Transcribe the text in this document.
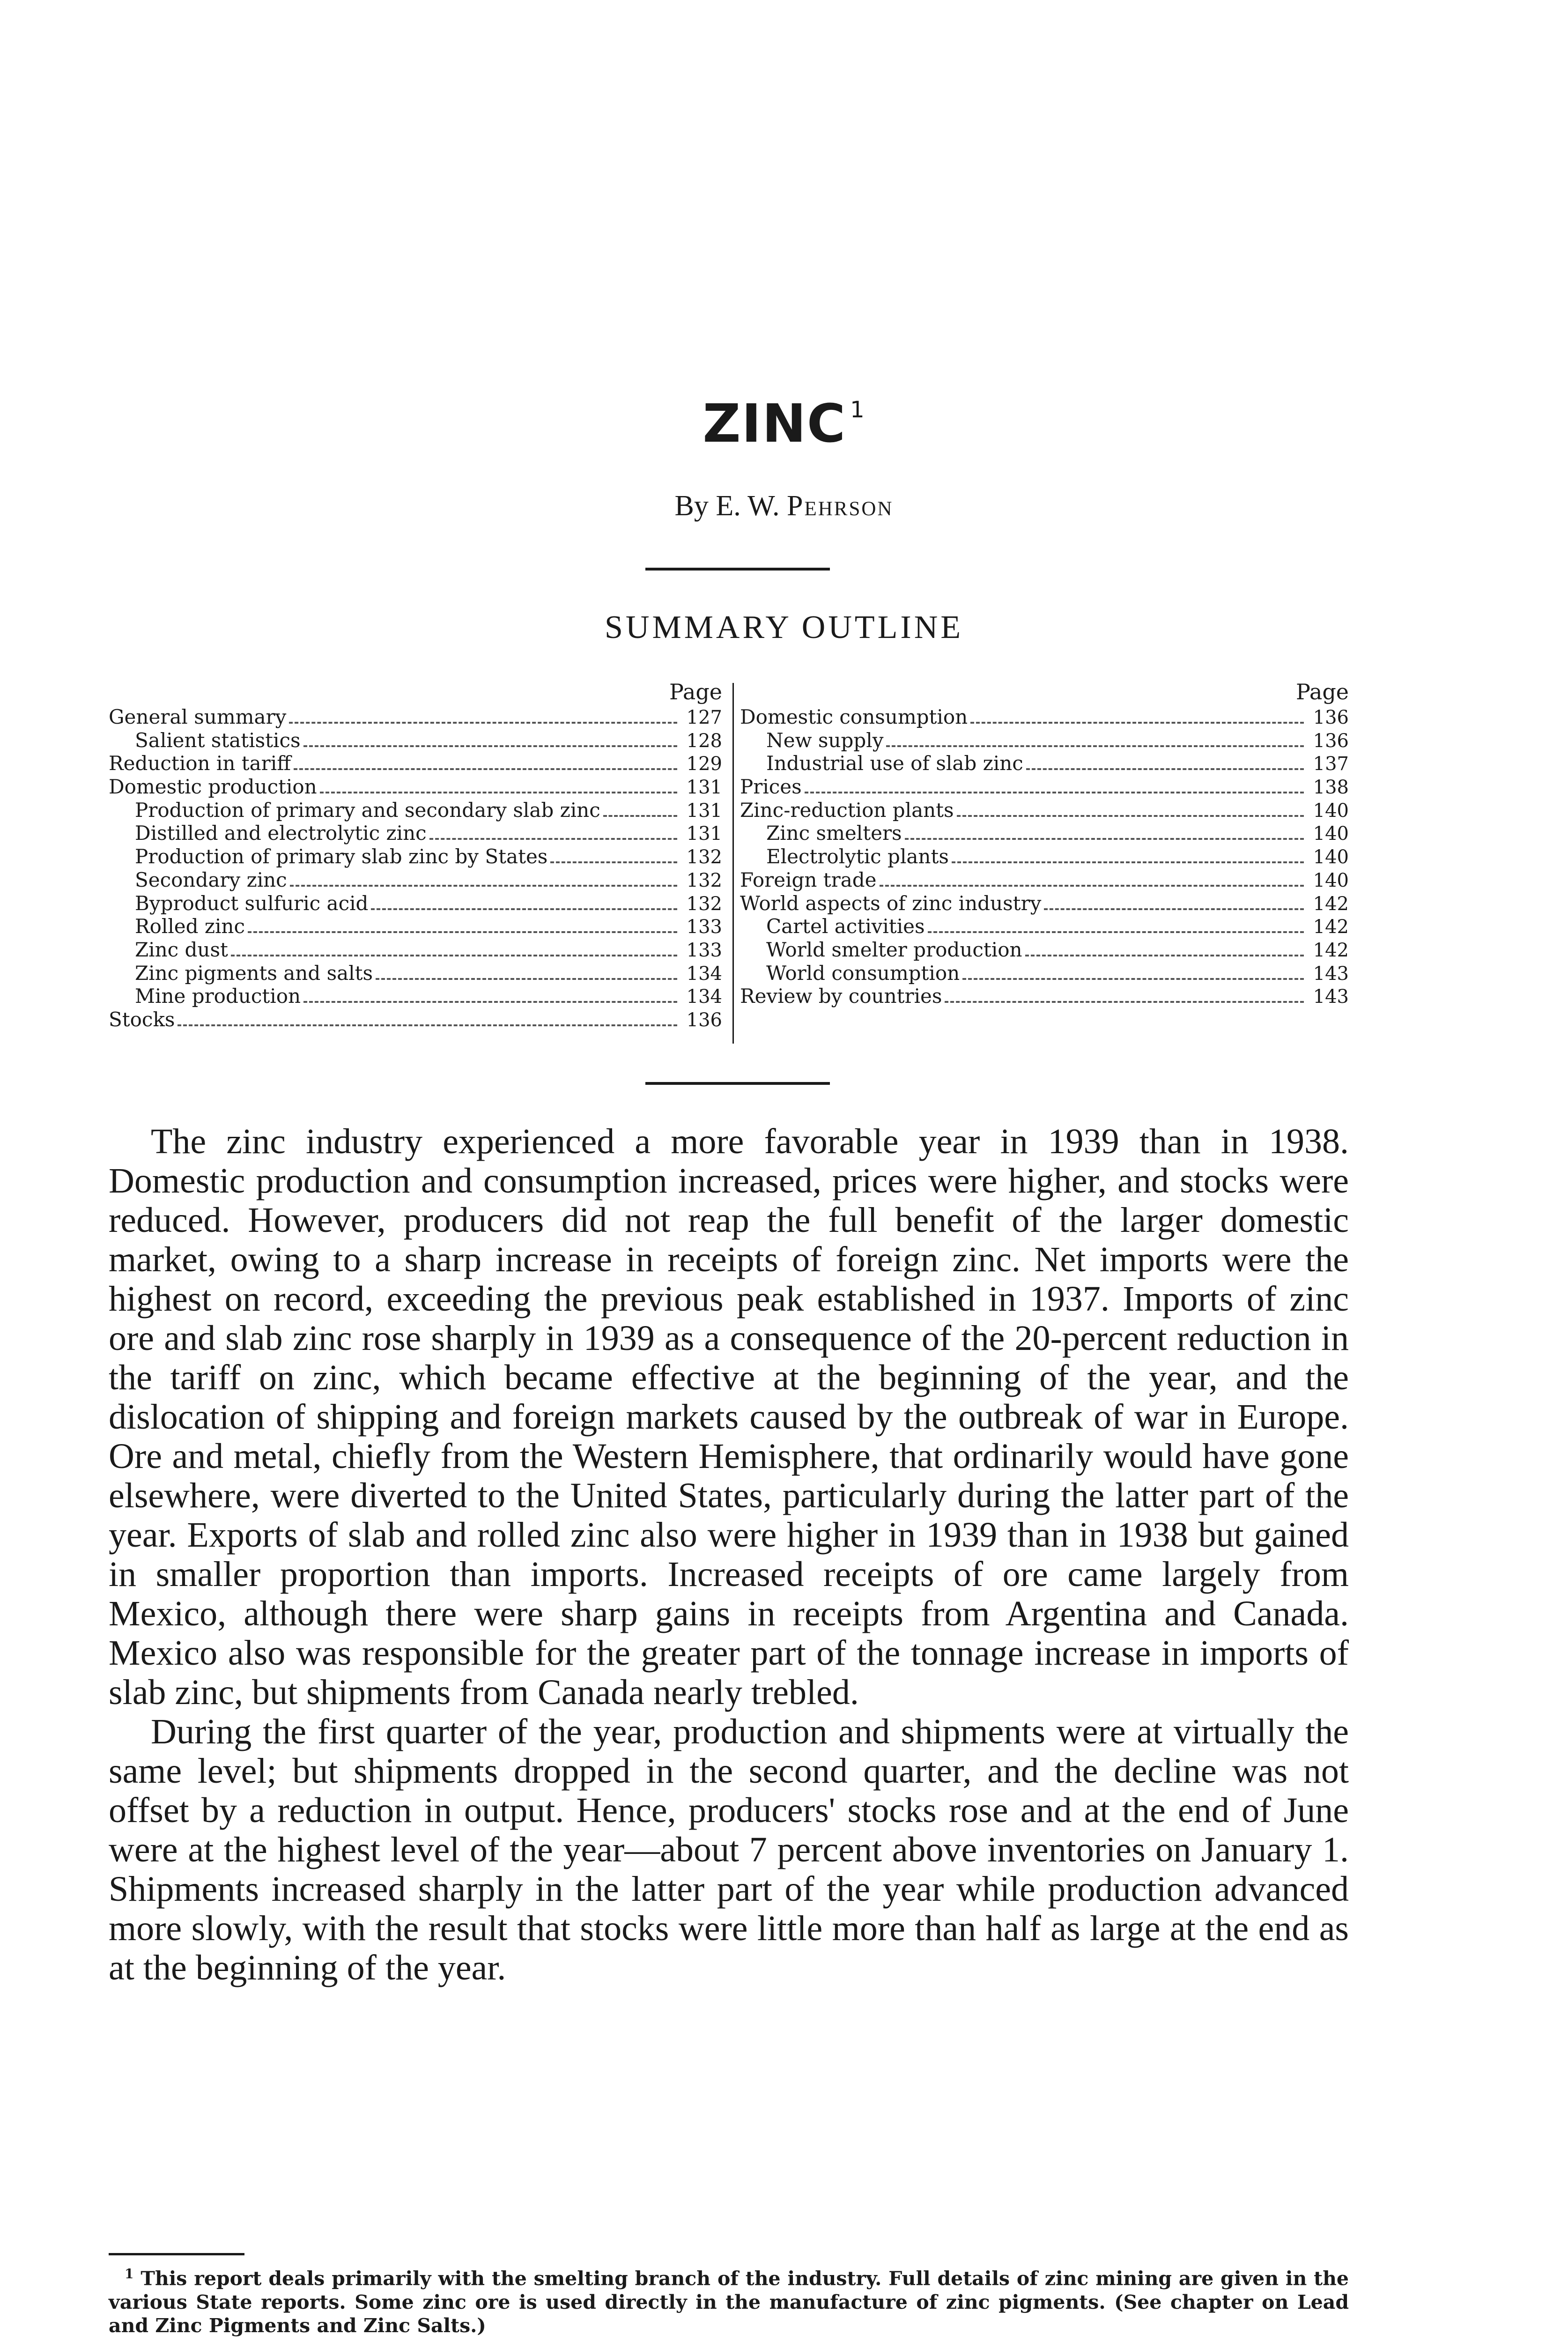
ZINC $^1$
By E. W. Pehrson
SUMMARY OUTLINE
Page
General summary	127
Salient statistics	128
Reduction in tariff	129
Domestic production	131
Production of primary and secondary slab zinc	131
Distilled and electrolytic zinc	131
Production of primary slab zinc by States	132
Secondary zinc	132
Byproduct sulfuric acid	132
Rolled zinc	133
Zinc dust	133
Zinc pigments and salts	134
Mine production	134
Stocks	136
Page
Domestic consumption	136
New supply	136
Industrial use of slab zinc	137
Prices	138
Zinc-reduction plants	140
Zinc smelters	140
Electrolytic plants	140
Foreign trade	140
World aspects of zinc industry	142
Cartel activities	142
World smelter production	142
World consumption	143
Review by countries	143

The zinc industry experienced a more favorable year in 1939 than in 1938. Domestic production and consumption increased, prices were higher, and stocks were reduced. However, producers did not reap the full benefit of the larger domestic market, owing to a sharp increase in receipts of foreign zinc. Net imports were the highest on record, exceeding the previous peak established in 1937. Imports of zinc ore and slab zinc rose sharply in 1939 as a consequence of the 20-percent reduction in the tariff on zinc, which became effective at the beginning of the year, and the dislocation of shipping and foreign markets caused by the outbreak of war in Europe. Ore and metal, chiefly from the Western Hemisphere, that ordinarily would have gone elsewhere, were diverted to the United States, particularly during the latter part of the year. Exports of slab and rolled zinc also were higher in 1939 than in 1938 but gained in smaller proportion than imports. Increased receipts of ore came largely from Mexico, although there were sharp gains in receipts from Argentina and Canada. Mexico also was responsible for the greater part of the tonnage increase in imports of slab zinc, but shipments from Canada nearly trebled.

During the first quarter of the year, production and shipments were at virtually the same level; but shipments dropped in the second quarter, and the decline was not offset by a reduction in output. Hence, producers' stocks rose and at the end of June were at the highest level of the year—about 7 percent above inventories on January 1. Shipments increased sharply in the latter part of the year while production advanced more slowly, with the result that stocks were little more than half as large at the end as at the beginning of the year.

$^1$ This report deals primarily with the smelting branch of the industry. Full details of zinc mining are given in the various State reports. Some zinc ore is used directly in the manufacture of zinc pigments. (See chapter on Lead and Zinc Pigments and Zinc Salts.)
